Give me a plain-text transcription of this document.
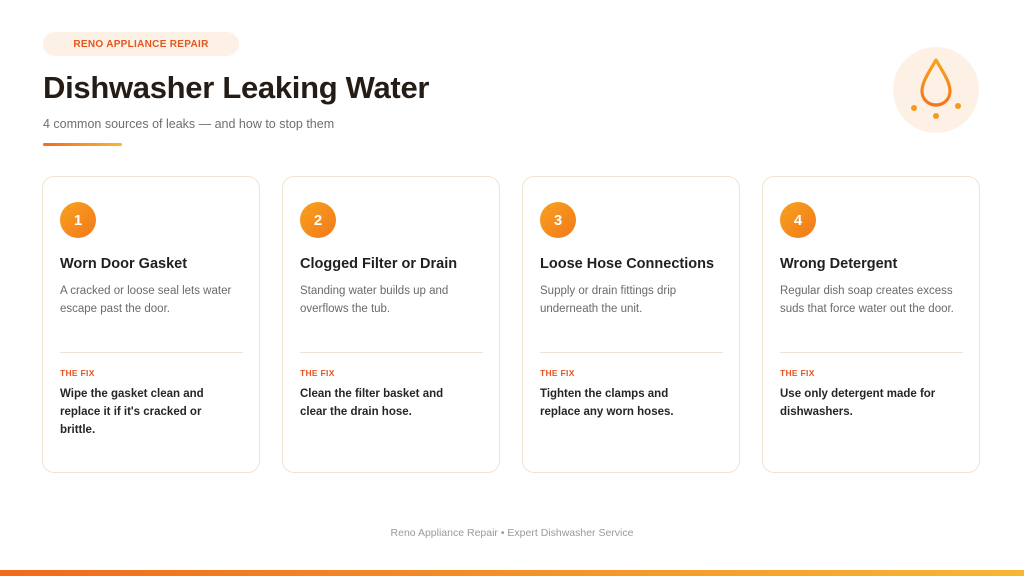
RENO APPLIANCE REPAIR
Dishwasher Leaking Water
4 common sources of leaks — and how to stop them
1
Worn Door Gasket
A cracked or loose seal lets water escape past the door.
THE FIX
Wipe the gasket clean and replace it if it's cracked or brittle.
2
Clogged Filter or Drain
Standing water builds up and overflows the tub.
THE FIX
Clean the filter basket and clear the drain hose.
3
Loose Hose Connections
Supply or drain fittings drip underneath the unit.
THE FIX
Tighten the clamps and replace any worn hoses.
4
Wrong Detergent
Regular dish soap creates excess suds that force water out the door.
THE FIX
Use only detergent made for dishwashers.
Reno Appliance Repair • Expert Dishwasher Service
